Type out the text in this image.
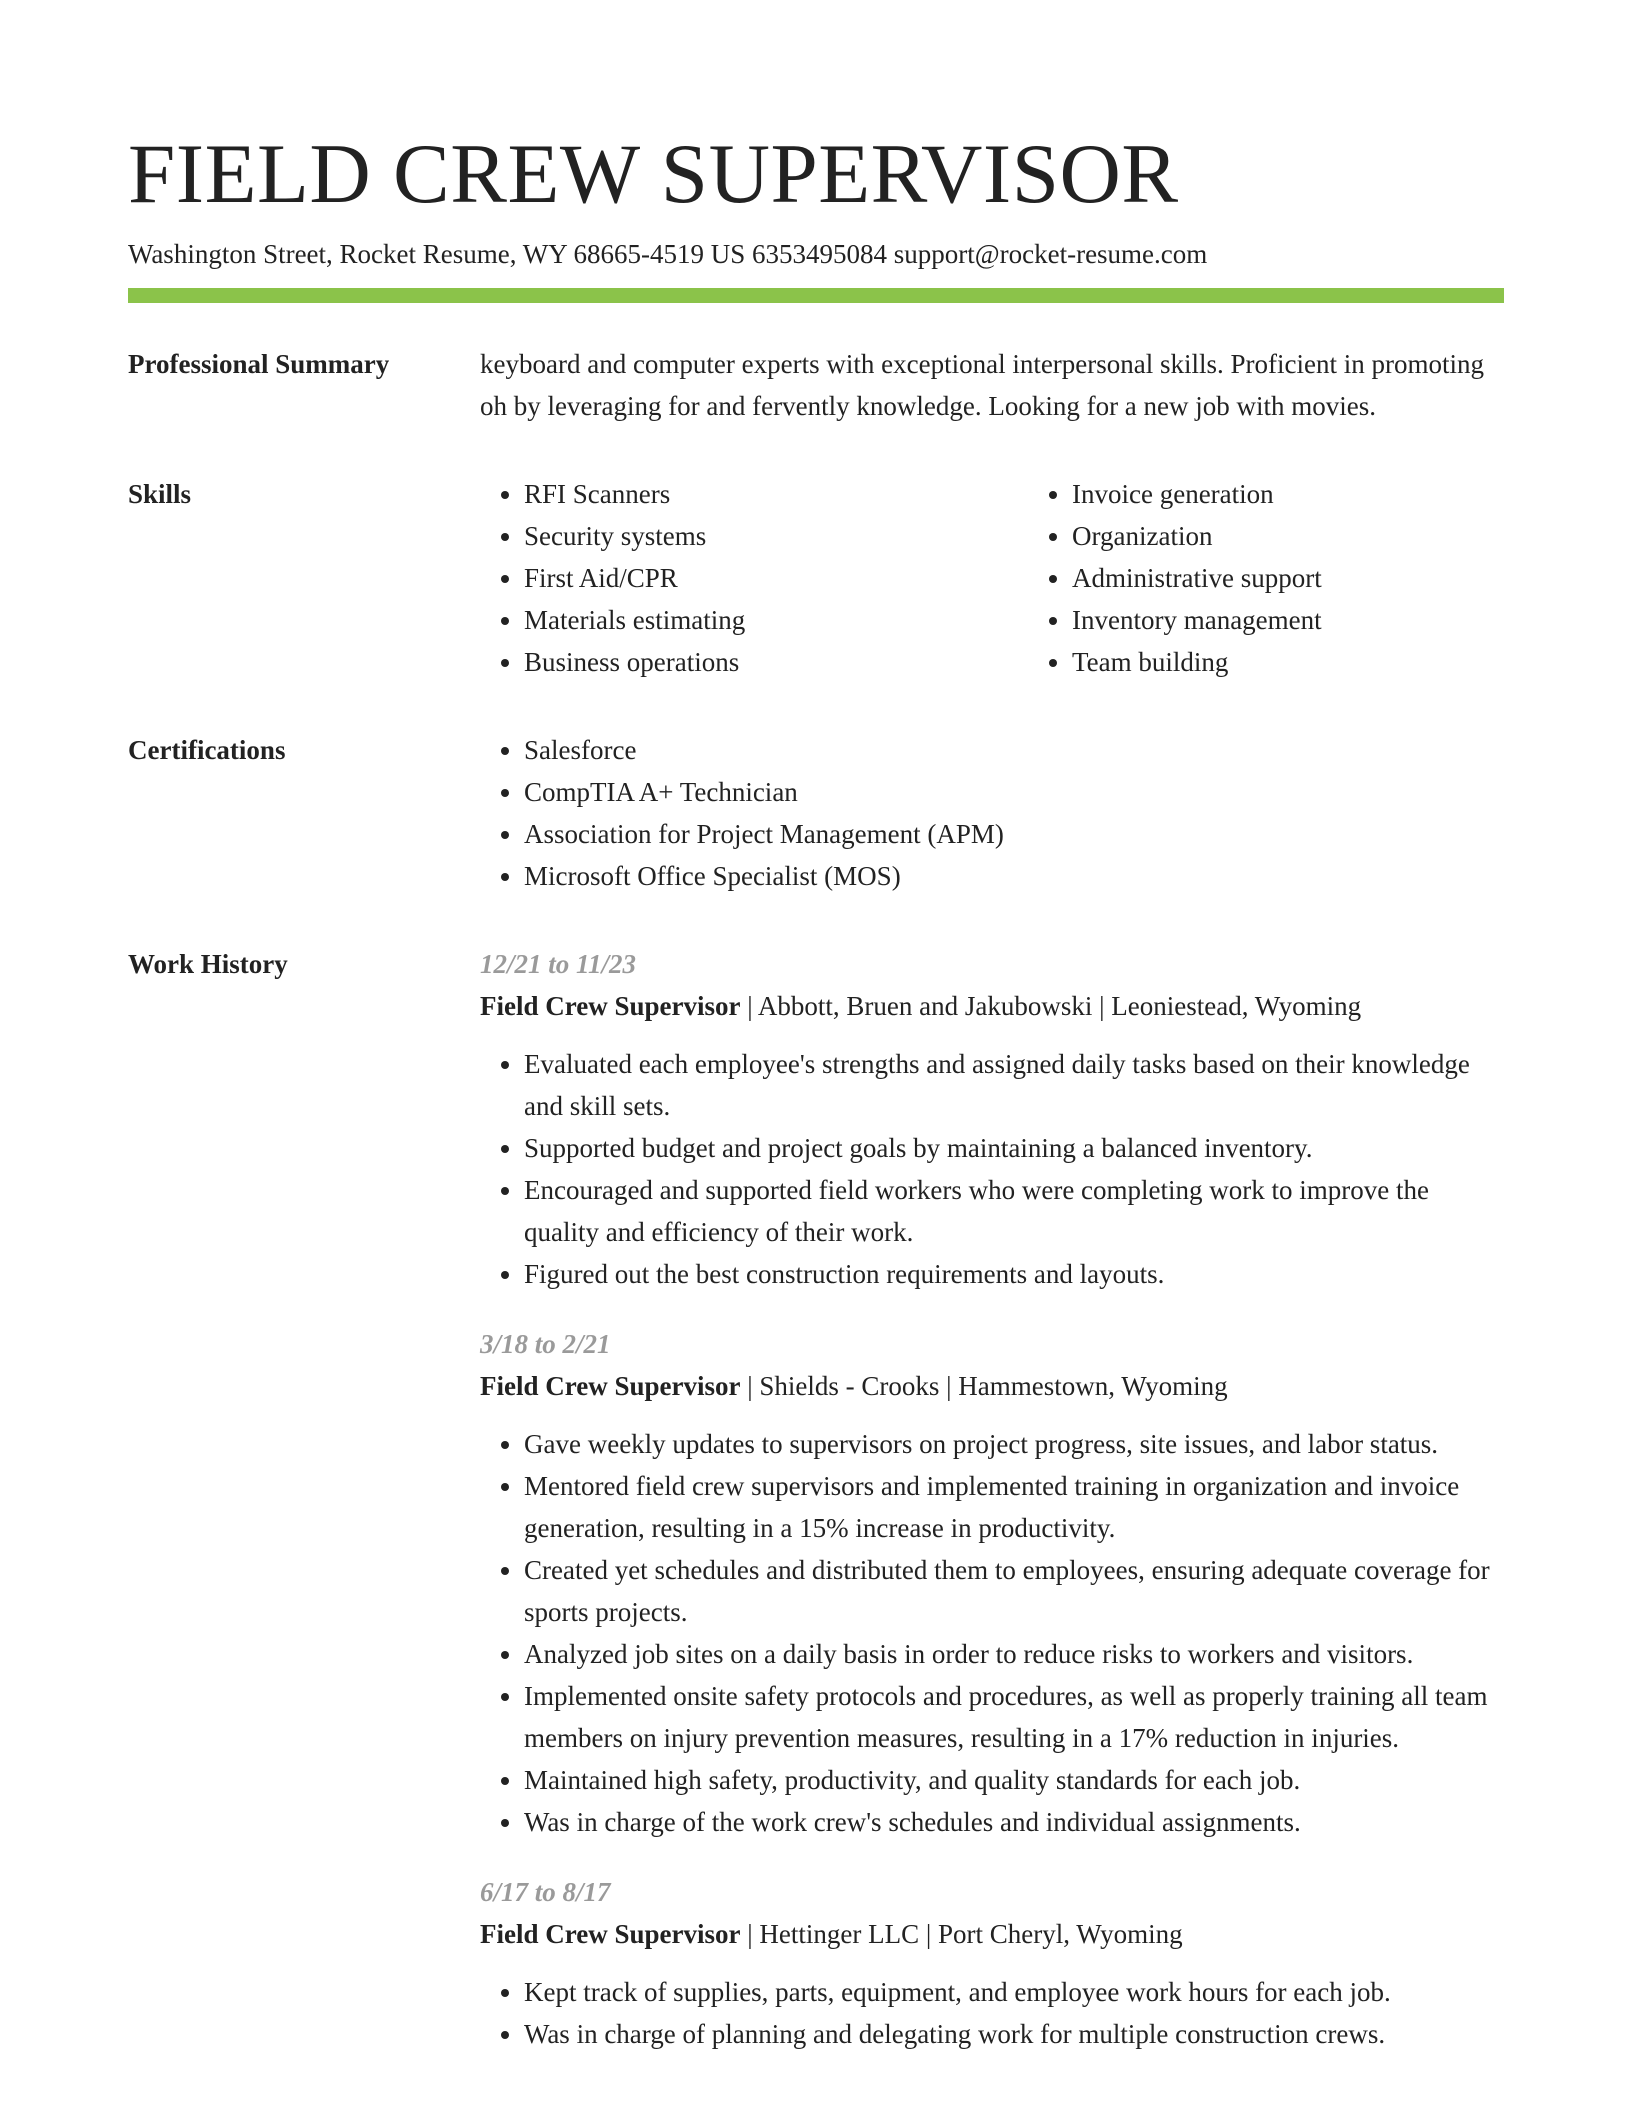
FIELD CREW SUPERVISOR
Washington Street, Rocket Resume, WY 68665-4519 US 6353495084 support@rocket-resume.com
Professional Summary	keyboard and computer experts with exceptional interpersonal skills. Proficient in promoting oh by leveraging for and fervently knowledge. Looking for a new job with movies.
Skills	• RFI Scanners
• Security systems
• First Aid/CPR
• Materials estimating
• Business operations
• Invoice generation
• Organization
• Administrative support
• Inventory management
• Team building
Certifications	• Salesforce
• CompTIA A+ Technician
• Association for Project Management (APM)
• Microsoft Office Specialist (MOS)
Work History	12/21 to 11/23
Field Crew Supervisor | Abbott, Bruen and Jakubowski | Leoniestead, Wyoming
• Evaluated each employee's strengths and assigned daily tasks based on their knowledge and skill sets.
• Supported budget and project goals by maintaining a balanced inventory.
• Encouraged and supported field workers who were completing work to improve the quality and efficiency of their work.
• Figured out the best construction requirements and layouts.
3/18 to 2/21
Field Crew Supervisor | Shields - Crooks | Hammestown, Wyoming
• Gave weekly updates to supervisors on project progress, site issues, and labor status.
• Mentored field crew supervisors and implemented training in organization and invoice generation, resulting in a 15% increase in productivity.
• Created yet schedules and distributed them to employees, ensuring adequate coverage for sports projects.
• Analyzed job sites on a daily basis in order to reduce risks to workers and visitors.
• Implemented onsite safety protocols and procedures, as well as properly training all team members on injury prevention measures, resulting in a 17% reduction in injuries.
• Maintained high safety, productivity, and quality standards for each job.
• Was in charge of the work crew's schedules and individual assignments.
6/17 to 8/17
Field Crew Supervisor | Hettinger LLC | Port Cheryl, Wyoming
• Kept track of supplies, parts, equipment, and employee work hours for each job.
• Was in charge of planning and delegating work for multiple construction crews.
